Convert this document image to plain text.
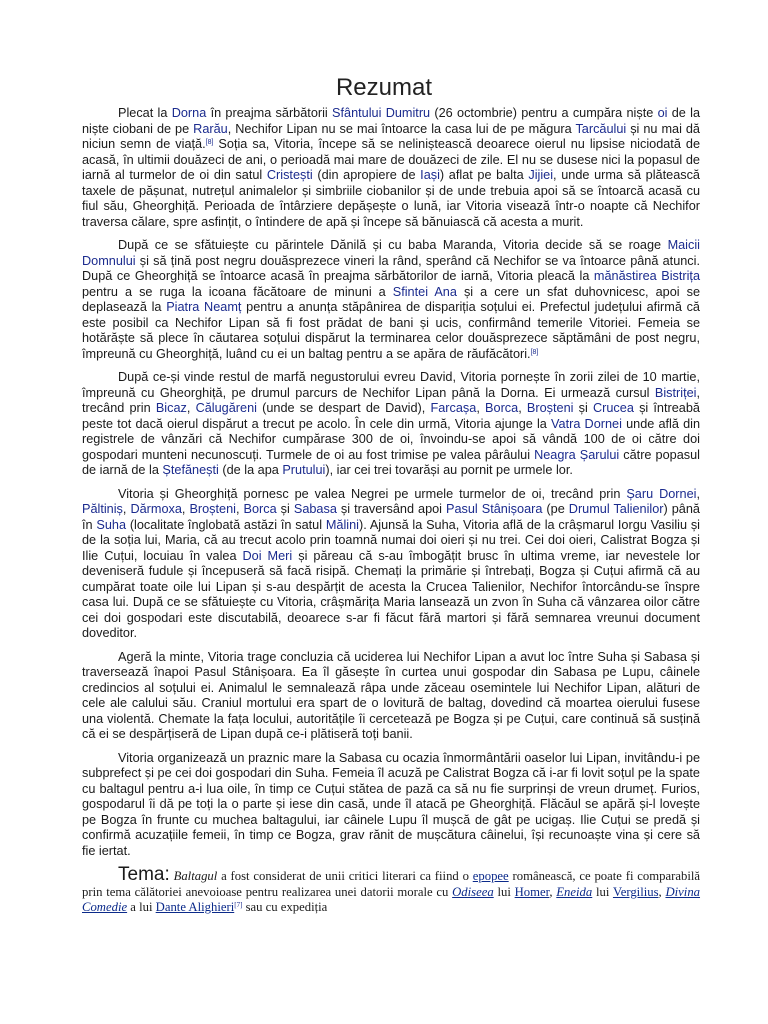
Rezumat

Plecat la Dorna în preajma sărbătorii Sfântului Dumitru (26 octombrie) pentru a cumpăra niște oi de la niște ciobani de pe Rarău, Nechifor Lipan nu se mai întoarce la casa lui de pe măgura Tarcăului și nu mai dă niciun semn de viață.[8] Soția sa, Vitoria, începe să se neliniștească deoarece oierul nu lipsise niciodată de acasă, în ultimii douăzeci de ani, o perioadă mai mare de douăzeci de zile. El nu se dusese nici la popasul de iarnă al turmelor de oi din satul Cristești (din apropiere de Iași) aflat pe balta Jijiei, unde urma să plătească taxele de pășunat, nutrețul animalelor și simbriile ciobanilor și de unde trebuia apoi să se întoarcă acasă cu fiul său, Gheorghiță. Perioada de întârziere depășește o lună, iar Vitoria visează într-o noapte că Nechifor traversa călare, spre asfințit, o întindere de apă și începe să bănuiască că acesta a murit.

După ce se sfătuiește cu părintele Dănilă și cu baba Maranda, Vitoria decide să se roage Maicii Domnului și să țină post negru douăsprezece vineri la rând, sperând că Nechifor se va întoarce până atunci. După ce Gheorghiță se întoarce acasă în preajma sărbătorilor de iarnă, Vitoria pleacă la mănăstirea Bistrița pentru a se ruga la icoana făcătoare de minuni a Sfintei Ana și a cere un sfat duhovnicesc, apoi se deplasează la Piatra Neamț pentru a anunța stăpânirea de dispariția soțului ei. Prefectul județului afirmă că este posibil ca Nechifor Lipan să fi fost prădat de bani și ucis, confirmând temerile Vitoriei. Femeia se hotărăște să plece în căutarea soțului dispărut la terminarea celor douăsprezece săptămâni de post negru, împreună cu Gheorghiță, luând cu ei un baltag pentru a se apăra de răufăcători.[8]

După ce-și vinde restul de marfă negustorului evreu David, Vitoria pornește în zorii zilei de 10 martie, împreună cu Gheorghiță, pe drumul parcurs de Nechifor Lipan până la Dorna. Ei urmează cursul Bistriței, trecând prin Bicaz, Călugăreni (unde se despart de David), Farcașa, Borca, Broșteni și Crucea și întreabă peste tot dacă oierul dispărut a trecut pe acolo. În cele din urmă, Vitoria ajunge la Vatra Dornei unde află din registrele de vânzări că Nechifor cumpărase 300 de oi, învoindu-se apoi să vândă 100 de oi către doi gospodari munteni necunoscuți. Turmele de oi au fost trimise pe valea pârâului Neagra Șarului către popasul de iarnă de la Ștefănești (de la apa Prutului), iar cei trei tovarăși au pornit pe urmele lor.

Vitoria și Gheorghiță pornesc pe valea Negrei pe urmele turmelor de oi, trecând prin Șaru Dornei, Păltiniș, Dărmoxa, Broșteni, Borca și Sabasa și traversând apoi Pasul Stânișoara (pe Drumul Talienilor) până în Suha (localitate înglobată astăzi în satul Mălini). Ajunsă la Suha, Vitoria află de la crâșmarul Iorgu Vasiliu și de la soția lui, Maria, că au trecut acolo prin toamnă numai doi oieri și nu trei. Cei doi oieri, Calistrat Bogza și Ilie Cuțui, locuiau în valea Doi Meri și păreau că s-au îmbogățit brusc în ultima vreme, iar nevestele lor deveniseră fudule și începuseră să facă risipă. Chemați la primărie și întrebați, Bogza și Cuțui afirmă că au cumpărat toate oile lui Lipan și s-au despărțit de acesta la Crucea Talienilor, Nechifor întorcându-se înspre casa lui. După ce se sfătuiește cu Vitoria, crâșmărița Maria lansează un zvon în Suha că vânzarea oilor către cei doi gospodari este discutabilă, deoarece s-ar fi făcut fără martori și fără semnarea vreunui document doveditor.

Ageră la minte, Vitoria trage concluzia că uciderea lui Nechifor Lipan a avut loc între Suha și Sabasa și traversează înapoi Pasul Stânișoara. Ea îl găsește în curtea unui gospodar din Sabasa pe Lupu, câinele credincios al soțului ei. Animalul le semnalează râpa unde zăceau osemintele lui Nechifor Lipan, alături de cele ale calului său. Craniul mortului era spart de o lovitură de baltag, dovedind că moartea oierului fusese una violentă. Chemate la fața locului, autoritățile îi cercetează pe Bogza și pe Cuțui, care continuă să susțină că ei se despărțiseră de Lipan după ce-i plătiseră toți banii.

Vitoria organizează un praznic mare la Sabasa cu ocazia înmormântării oaselor lui Lipan, invitându-i pe subprefect și pe cei doi gospodari din Suha. Femeia îl acuză pe Calistrat Bogza că i-ar fi lovit soțul pe la spate cu baltagul pentru a-i lua oile, în timp ce Cuțui stătea de pază ca să nu fie surprinși de vreun drumeț. Furios, gospodarul îi dă pe toți la o parte și iese din casă, unde îl atacă pe Gheorghiță. Flăcăul se apără și-l lovește pe Bogza în frunte cu muchea baltagului, iar câinele Lupu îl mușcă de gât pe ucigaș. Ilie Cuțui se predă și confirmă acuzațiile femeii, în timp ce Bogza, grav rănit de mușcătura câinelui, își recunoaște vina și cere să fie iertat.

Tema: Baltagul a fost considerat de unii critici literari ca fiind o epopee românească, ce poate fi comparabilă prin tema călătoriei anevoioase pentru realizarea unei datorii morale cu Odiseea lui Homer, Eneida lui Vergilius, Divina Comedie a lui Dante Alighieri[7] sau cu expediția
